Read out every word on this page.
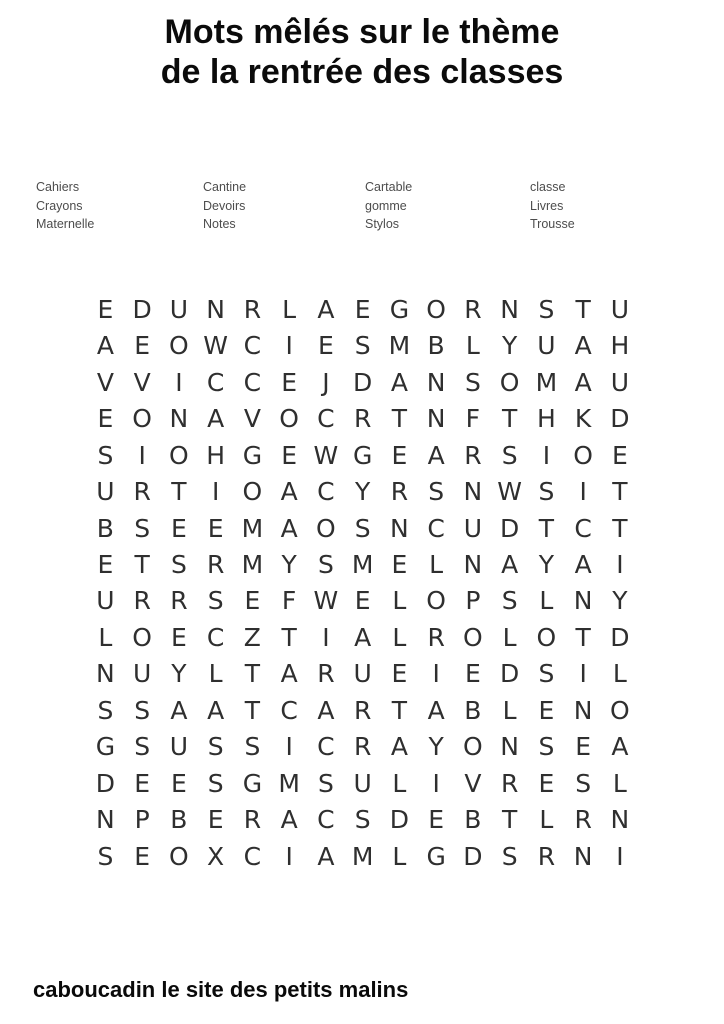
Mots mêlés sur le thème
de la rentrée des classes
Cahiers
Crayons
Maternelle
Cantine
Devoirs
Notes
Cartable
gomme
Stylos
classe
Livres
Trousse
E D U N R L A E G O R N S T U
A E O W C I	E S M B L Y U A H
V V I C C E	J D A N S O M A U
E O N A V O C R T N F T H K D
S	I O H G E W G E A R S	I O E
U R T	I O A C Y R S N W S	I	T
B S E E M A O S N C U D T C T
E T S R M Y S M E L N A Y A I
U R R S E F W E L O P S L N Y
L O E C Z T	I A L R O L O T D
N U Y L T A R U E	I	E D S	I	L
S S A A T C A R T A B L E N O
G S U S S	I C R A Y O N S E A
D E E S G M S U L	I V R E S L
N P B E R A C S D E B T L R N
S E O X C I A M L G D S R N I
caboucadin le site des petits malins
